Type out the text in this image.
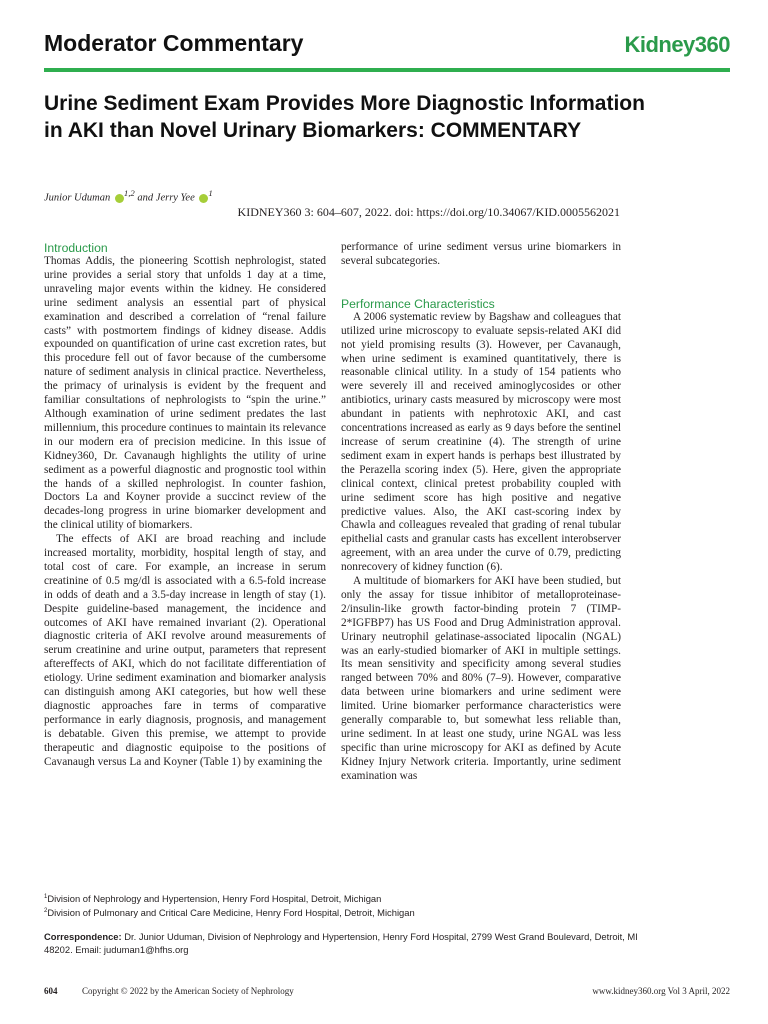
Moderator Commentary	Kidney360
Urine Sediment Exam Provides More Diagnostic Information in AKI than Novel Urinary Biomarkers: COMMENTARY
Junior Uduman $^{1,2}$ and Jerry Yee $^1$
KIDNEY360 3: 604–607, 2022. doi: https://doi.org/10.34067/KID.0005562021
Introduction

Thomas Addis, the pioneering Scottish nephrologist, stated urine provides a serial story that unfolds 1 day at a time, unraveling major events within the kidney. He considered urine sediment analysis an essential part of physical examination and described a correlation of “renal failure casts” with postmortem findings of kidney disease. Addis expounded on quantification of urine cast excretion rates, but this procedure fell out of favor because of the cumbersome nature of sediment analysis in clinical practice. Nevertheless, the primacy of urinalysis is evident by the frequent and familiar consultations of nephrologists to “spin the urine.” Although examination of urine sediment predates the last millennium, this procedure continues to maintain its relevance in our modern era of precision medicine. In this issue of Kidney360, Dr. Cavanaugh highlights the utility of urine sediment as a powerful diagnostic and prognostic tool within the hands of a skilled nephrologist. In counter fashion, Doctors La and Koyner provide a succinct review of the decades-long progress in urine biomarker development and the clinical utility of biomarkers.

The effects of AKI are broad reaching and include increased mortality, morbidity, hospital length of stay, and total cost of care. For example, an increase in serum creatinine of 0.5 mg/dl is associated with a 6.5-fold increase in odds of death and a 3.5-day increase in length of stay (1). Despite guideline-based management, the incidence and outcomes of AKI have remained invariant (2). Operational diagnostic criteria of AKI revolve around measurements of serum creatinine and urine output, parameters that represent aftereffects of AKI, which do not facilitate differentiation of etiology. Urine sediment examination and biomarker analysis can distinguish among AKI categories, but how well these diagnostic approaches fare in terms of comparative performance in early diagnosis, prognosis, and management is debatable. Given this premise, we attempt to provide therapeutic and diagnostic equipoise to the positions of Cavanaugh versus La and Koyner (Table 1) by examining the

performance of urine sediment versus urine biomarkers in several subcategories.

Performance Characteristics

A 2006 systematic review by Bagshaw and colleagues that utilized urine microscopy to evaluate sepsis-related AKI did not yield promising results (3). However, per Cavanaugh, when urine sediment is examined quantitatively, there is reasonable clinical utility. In a study of 154 patients who were severely ill and received aminoglycosides or other antibiotics, urinary casts measured by microscopy were most abundant in patients with nephrotoxic AKI, and cast concentrations increased as early as 9 days before the sentinel increase of serum creatinine (4). The strength of urine sediment exam in expert hands is perhaps best illustrated by the Perazella scoring index (5). Here, given the appropriate clinical context, clinical pretest probability coupled with urine sediment score has high positive and negative predictive values. Also, the AKI cast-scoring index by Chawla and colleagues revealed that grading of renal tubular epithelial casts and granular casts has excellent interobserver agreement, with an area under the curve of 0.79, predicting nonrecovery of kidney function (6).

A multitude of biomarkers for AKI have been studied, but only the assay for tissue inhibitor of metalloproteinase-2/insulin-like growth factor-binding protein 7 (TIMP-2*IGFBP7) has US Food and Drug Administration approval. Urinary neutrophil gelatinase-associated lipocalin (NGAL) was an early-studied biomarker of AKI in multiple settings. Its mean sensitivity and specificity among several studies ranged between 70% and 80% (7–9). However, comparative data between urine biomarkers and urine sediment were limited. Urine biomarker performance characteristics were generally comparable to, but somewhat less reliable than, urine sediment. In at least one study, urine NGAL was less specific than urine microscopy for AKI as defined by Acute Kidney Injury Network criteria. Importantly, urine sediment examination was

$^1$Division of Nephrology and Hypertension, Henry Ford Hospital, Detroit, Michigan
$^2$Division of Pulmonary and Critical Care Medicine, Henry Ford Hospital, Detroit, Michigan
Correspondence: Dr. Junior Uduman, Division of Nephrology and Hypertension, Henry Ford Hospital, 2799 West Grand Boulevard, Detroit, MI 48202. Email: juduman1@hfhs.org
604	Copyright © 2022 by the American Society of Nephrology	www.kidney360.org Vol 3 April, 2022
